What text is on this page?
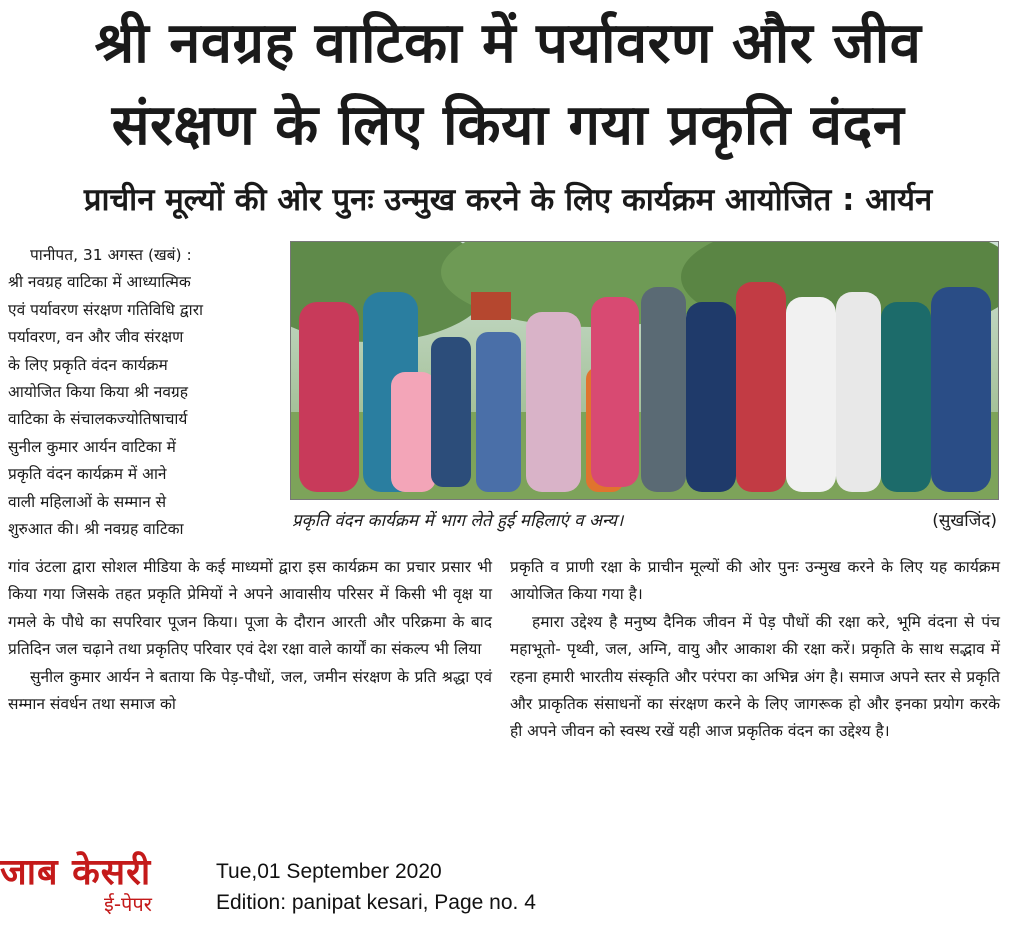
श्री नवग्रह वाटिका में पर्यावरण और जीव
संरक्षण के लिए किया गया प्रकृति वंदन
प्राचीन मूल्यों की ओर पुनः उन्मुख करने के लिए कार्यक्रम आयोजित : आर्यन

पानीपत, 31 अगस्त (खबं) :

श्री नवग्रह वाटिका में आध्यात्मिक

एवं पर्यावरण संरक्षण गतिविधि द्वारा

पर्यावरण, वन और जीव संरक्षण

के लिए प्रकृति वंदन कार्यक्रम

आयोजित किया किया श्री नवग्रह

वाटिका के संचालकज्योतिषाचार्य

सुनील कुमार आर्यन वाटिका में

प्रकृति वंदन कार्यक्रम में आने

वाली महिलाओं के सम्मान से

शुरुआत की। श्री नवग्रह वाटिका	प्रकृति वंदन कार्यक्रम में भाग लेते हुई महिलाएं व अन्य।	(सुखजिंद)

गांव उंटला द्वारा सोशल मीडिया के कई माध्यमों द्वारा इस कार्यक्रम का प्रचार प्रसार भी किया गया जिसके तहत प्रकृति प्रेमियों ने अपने आवासीय परिसर में किसी भी वृक्ष या गमले के पौधे का सपरिवार पूजन किया। पूजा के दौरान आरती और परिक्रमा के बाद प्रतिदिन जल चढ़ाने तथा प्रकृतिए परिवार एवं देश रक्षा वाले कार्यों का संकल्प भी लिया

सुनील कुमार आर्यन ने बताया कि पेड़-पौधों, जल, जमीन संरक्षण के प्रति श्रद्धा एवं सम्मान संवर्धन तथा समाज को

प्रकृति व प्राणी रक्षा के प्राचीन मूल्यों की ओर पुनः उन्मुख करने के लिए यह कार्यक्रम आयोजित किया गया है।

हमारा उद्देश्य है मनुष्य दैनिक जीवन में पेड़ पौधों की रक्षा करे, भूमि वंदना से पंच महाभूतो- पृथ्वी, जल, अग्नि, वायु और आकाश की रक्षा करें। प्रकृति के साथ सद्भाव में रहना हमारी भारतीय संस्कृति और परंपरा का अभिन्न अंग है। समाज अपने स्तर से प्रकृति और प्राकृतिक संसाधनों का संरक्षण करने के लिए जागरूक हो और इनका प्रयोग करके ही अपने जीवन को स्वस्थ रखें यही आज प्रकृतिक वंदन का उद्देश्य है।

जाब केसरी
ई-पेपर
Tue,01 September 2020
Edition: panipat kesari, Page no. 4
